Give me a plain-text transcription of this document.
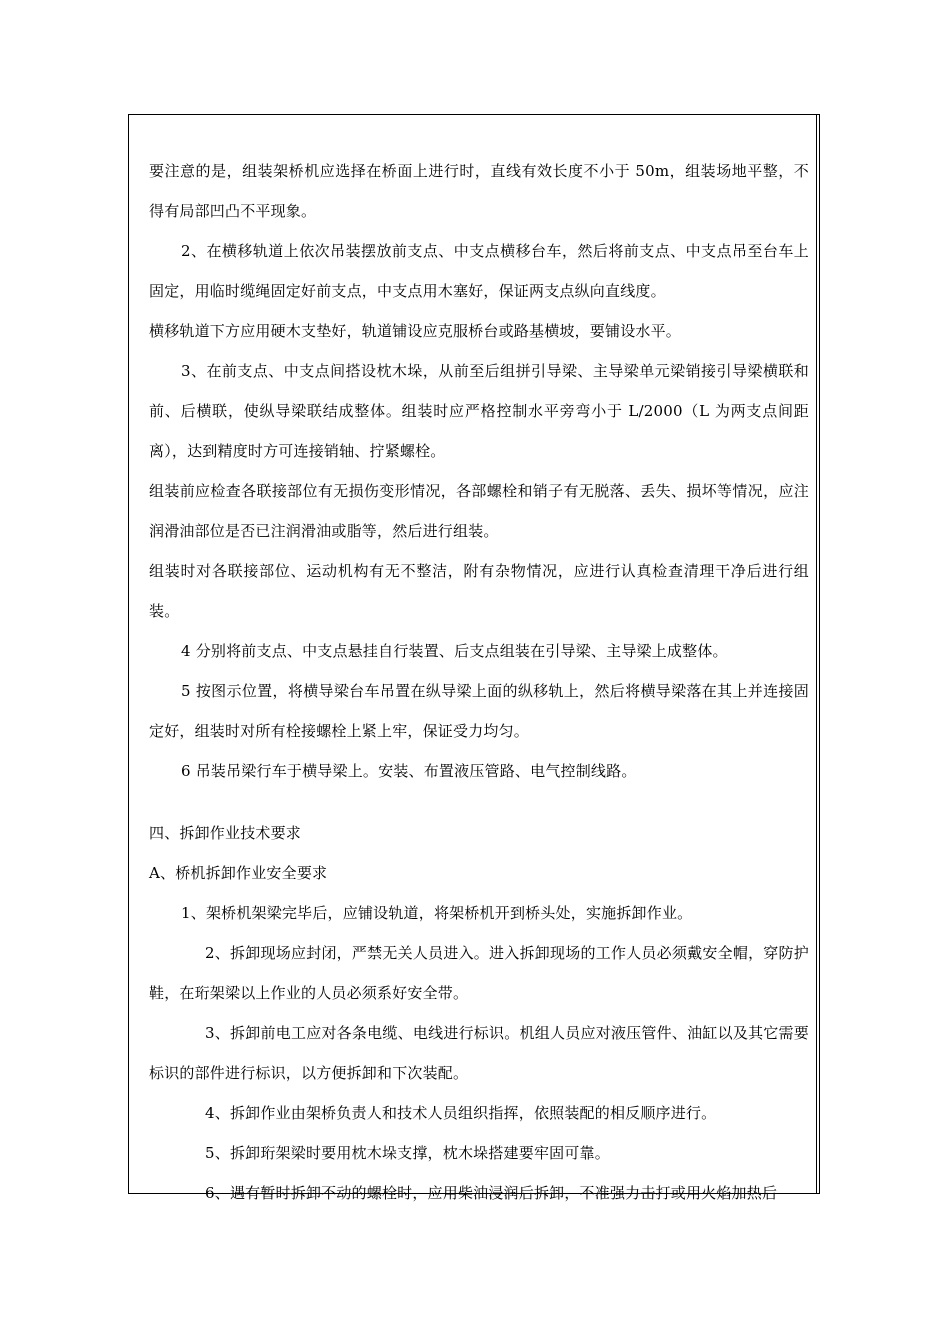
要注意的是，组装架桥机应选择在桥面上进行时，直线有效长度不小于 50m，组装场地平整，不得有局部凹凸不平现象。

2、在横移轨道上依次吊装摆放前支点、中支点横移台车，然后将前支点、中支点吊至台车上固定，用临时缆绳固定好前支点，中支点用木塞好，保证两支点纵向直线度。

横移轨道下方应用硬木支垫好，轨道铺设应克服桥台或路基横坡，要铺设水平。

3、在前支点、中支点间搭设枕木垛，从前至后组拼引导梁、主导梁单元梁销接引导梁横联和前、后横联，使纵导梁联结成整体。组装时应严格控制水平旁弯小于 L/2000（L 为两支点间距离），达到精度时方可连接销轴、拧紧螺栓。

组装前应检查各联接部位有无损伤变形情况，各部螺栓和销子有无脱落、丢失、损坏等情况，应注润滑油部位是否已注润滑油或脂等，然后进行组装。

组装时对各联接部位、运动机构有无不整洁，附有杂物情况，应进行认真检查清理干净后进行组装。

4 分别将前支点、中支点悬挂自行装置、后支点组装在引导梁、主导梁上成整体。

5 按图示位置，将横导梁台车吊置在纵导梁上面的纵移轨上，然后将横导梁落在其上并连接固定好，组装时对所有栓接螺栓上紧上牢，保证受力均匀。

6 吊装吊梁行车于横导梁上。安装、布置液压管路、电气控制线路。

四、拆卸作业技术要求

A、桥机拆卸作业安全要求

1、架桥机架梁完毕后，应铺设轨道，将架桥机开到桥头处，实施拆卸作业。

2、拆卸现场应封闭，严禁无关人员进入。进入拆卸现场的工作人员必须戴安全帽，穿防护鞋，在珩架梁以上作业的人员必须系好安全带。

3、拆卸前电工应对各条电缆、电线进行标识。机组人员应对液压管件、油缸以及其它需要标识的部件进行标识，以方便拆卸和下次装配。

4、拆卸作业由架桥负责人和技术人员组织指挥，依照装配的相反顺序进行。

5、拆卸珩架梁时要用枕木垛支撑，枕木垛搭建要牢固可靠。

6、遇有暂时拆卸不动的螺栓时，应用柴油浸润后拆卸，不准强力击打或用火焰加热后
